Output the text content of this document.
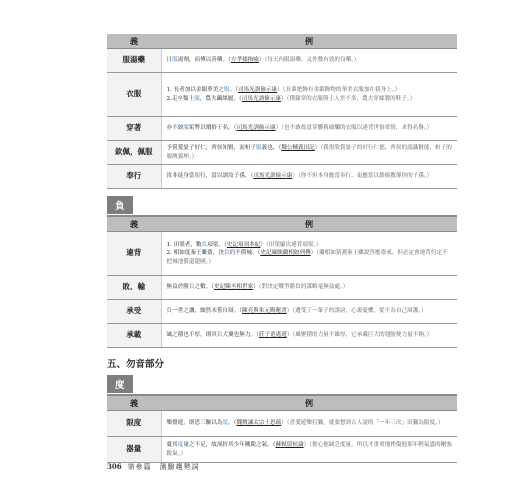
義	例
服湯藥	日服湯劑，而傅以善藥。（方孝孺指喻）（每天內服湯藥，又外敷有效的良藥。）
衣服	1. 長者加以金銀華美之服。（司馬光訓儉示康）（長輩把飾有金銀飾物的華美衣服加在我身上。）
2.走卒類士服，農夫躡絲履。（司馬光訓儉示康）（僕隸穿的衣服與士人差不多，農夫穿絲製的鞋子。）

穿著	亦不敢服垢弊以矯俗干名。（司馬光訓儉示康）（也不敢故意穿髒舊破爛的衣服以違背世俗常情，求得名譽。）
欽佩，佩服	予嘗愛晏子好仁，齊侯知賢，而桓子服義也。（魏公輔義田記）（我很欣賞晏子的好行仁德，齊侯的認識賢能，桓子的服膺義理。）
奉行	汝非徒身當服行，當以訓汝子孫。（司馬光訓儉示康）（你不但本身應當奉行，更應當以節儉教導你的子孫。）
負
義	例
違背	1. 田榮者，數負項梁。（史記項羽本紀）（田榮屢次違背項梁。）
2. 相如度秦王雖齋，決負約不償城。（史記廉頗藺相如列傳）（藺相如猜測秦王雖說答應齋戒，但必定會違背約定不把城池償還趙國。）

敗、輸	無益於勝負之數。（史記陳丞相世家）（對決定戰爭勝負的謀略毫無益處。）
承受	負一世之譏，頗然未嘗自辯。（陳亮與朱元晦秘書）（遭受了一輩子的誹謗，心裏憂懼，從不為自己辯護。）
承載	風之積也不厚，則其負大翼也無力。（莊子逍遙遊）（風聚積的力量不雄厚，它承載巨大的翅膀便力量不夠。）
五、勿音部分
度
義	例
限度	樂盤遊，則思三驅以為度。（魏徵諫太宗十思疏）（喜愛遊樂打獵，就要想到古人說的「一年三次」田獵為限度。）
器量	憂其度量之不足，故深折其少年剛銳之氣。（蘇軾留侯論）（擔心他缺乏度量，所以才重重地挫傷他那年輕氣盛的剛強銳氣。）
306 第參篇　測驗趨勢詞
